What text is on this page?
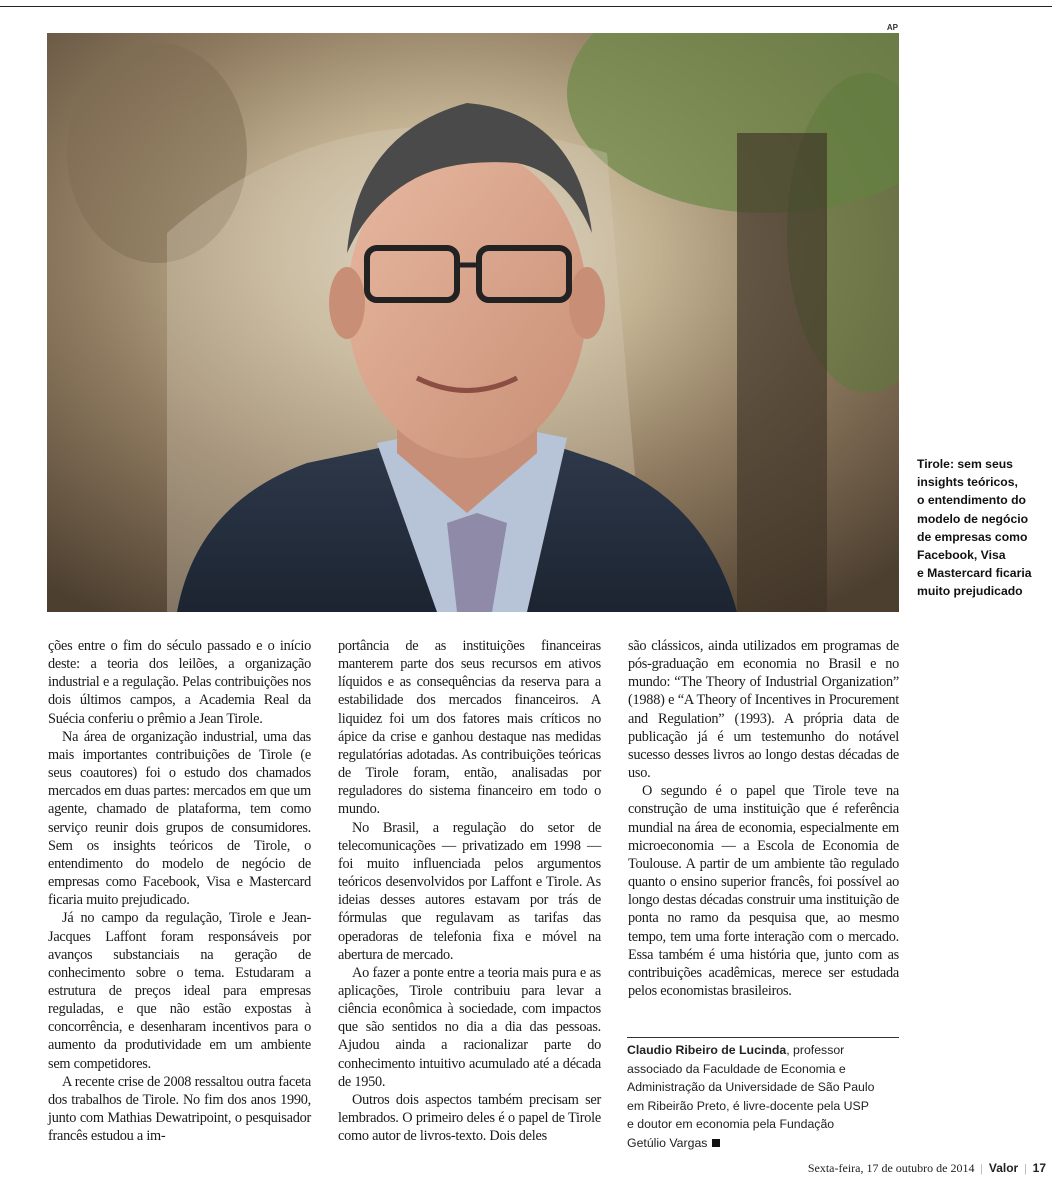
AP
Tirole: sem seus
insights teóricos,
o entendimento do
modelo de negócio
de empresas como
Facebook, Visa
e Mastercard ficaria
muito prejudicado

ções entre o fim do século passado e o início deste: a teoria dos leilões, a organização industrial e a regulação. Pelas contribuições nos dois últimos campos, a Academia Real da Suécia conferiu o prêmio a Jean Tirole.

Na área de organização industrial, uma das mais importantes contribuições de Tirole (e seus coautores) foi o estudo dos chamados mercados em duas partes: mercados em que um agente, chamado de plataforma, tem como serviço reunir dois grupos de consumidores. Sem os insights teóricos de Tirole, o entendimento do modelo de negócio de empresas como Facebook, Visa e Mastercard ficaria muito prejudicado.

Já no campo da regulação, Tirole e Jean-Jacques Laffont foram responsáveis por avanços substanciais na geração de conhecimento sobre o tema. Estudaram a estrutura de preços ideal para empresas reguladas, e que não estão expostas à concorrência, e desenharam incentivos para o aumento da produtividade em um ambiente sem competidores.

A recente crise de 2008 ressaltou outra faceta dos trabalhos de Tirole. No fim dos anos 1990, junto com Mathias Dewatripoint, o pesquisador francês estudou a im-

portância de as instituições financeiras manterem parte dos seus recursos em ativos líquidos e as consequências da reserva para a estabilidade dos mercados financeiros. A liquidez foi um dos fatores mais críticos no ápice da crise e ganhou destaque nas medidas regulatórias adotadas. As contribuições teóricas de Tirole foram, então, analisadas por reguladores do sistema financeiro em todo o mundo.

No Brasil, a regulação do setor de telecomunicações — privatizado em 1998 — foi muito influenciada pelos argumentos teóricos desenvolvidos por Laffont e Tirole. As ideias desses autores estavam por trás de fórmulas que regulavam as tarifas das operadoras de telefonia fixa e móvel na abertura de mercado.

Ao fazer a ponte entre a teoria mais pura e as aplicações, Tirole contribuiu para levar a ciência econômica à sociedade, com impactos que são sentidos no dia a dia das pessoas. Ajudou ainda a racionalizar parte do conhecimento intuitivo acumulado até a década de 1950.

Outros dois aspectos também precisam ser lembrados. O primeiro deles é o papel de Tirole como autor de livros-texto. Dois deles

são clássicos, ainda utilizados em programas de pós-graduação em economia no Brasil e no mundo: “The Theory of Industrial Organization” (1988) e “A Theory of Incentives in Procurement and Regulation” (1993). A própria data de publicação já é um testemunho do notável sucesso desses livros ao longo destas décadas de uso.

O segundo é o papel que Tirole teve na construção de uma instituição que é referência mundial na área de economia, especialmente em microeconomia — a Escola de Economia de Toulouse. A partir de um ambiente tão regulado quanto o ensino superior francês, foi possível ao longo destas décadas construir uma instituição de ponta no ramo da pesquisa que, ao mesmo tempo, tem uma forte interação com o mercado. Essa também é uma história que, junto com as contribuições acadêmicas, merece ser estudada pelos economistas brasileiros.

Claudio Ribeiro de Lucinda, professor
associado da Faculdade de Economia e
Administração da Universidade de São Paulo
em Ribeirão Preto, é livre-docente pela USP
e doutor em economia pela Fundação
Getúlio Vargas
Sexta-feira, 17 de outubro de 2014 | Valor | 17
